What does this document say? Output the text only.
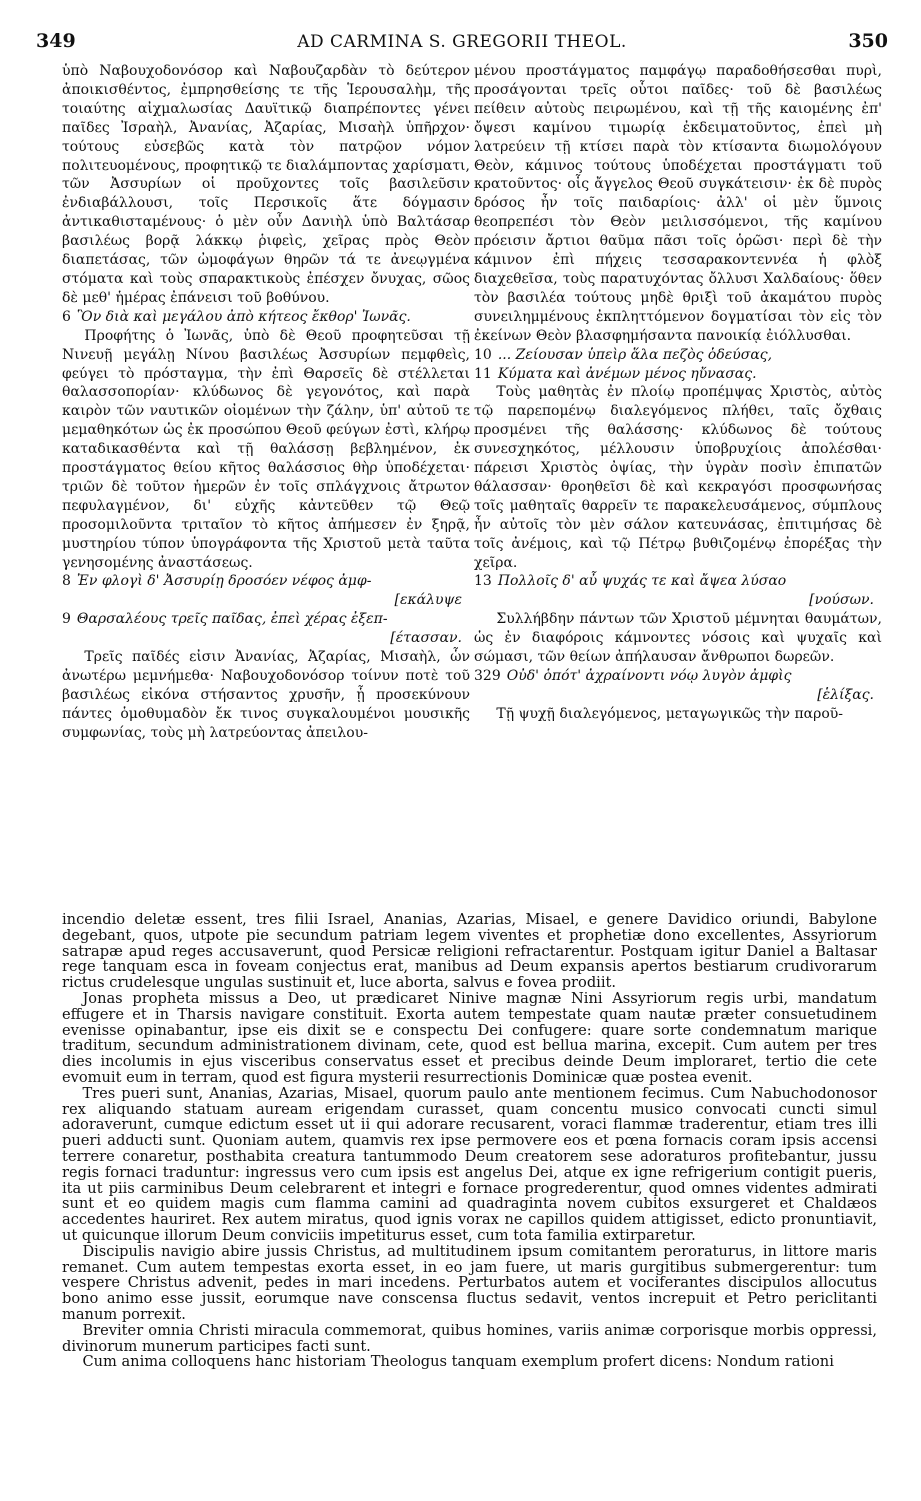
349	AD CARMINA S. GREGORII THEOL.	350

ὑπὸ Ναβουχοδονόσορ καὶ Ναβουζαρδὰν τὸ δεύτερον ἀποικισθέντος, ἐμπρησθείσης τε τῆς Ἱερουσαλὴμ, τῆς τοιαύτης αἰχμαλωσίας Δαυϊτικῷ διαπρέποντες γένει παῖδες Ἰσραὴλ, Ἀνανίας, Ἀζαρίας, Μισαὴλ ὑπῆρχον· τούτους εὐσεβῶς κατὰ τὸν πατρῷον νόμον πολιτευομένους, προφητικῷ τε διαλάμποντας χαρίσματι, τῶν Ἀσσυρίων οἱ προῦχοντες τοῖς βασιλεῦσιν ἐνδιαβάλλουσι, τοῖς Περσικοῖς ἅτε δόγμασιν ἀντικαθισταμένους· ὁ μὲν οὖν Δανιὴλ ὑπὸ Βαλτάσαρ βασιλέως βορᾷ λάκκῳ ῥιφεὶς, χεῖρας πρὸς Θεὸν διαπετάσας, τῶν ὠμοφάγων θηρῶν τά τε ἀνεῳγμένα στόματα καὶ τοὺς σπαρακτικοὺς ἐπέσχεν ὄνυχας, σῶος δὲ μεθ' ἡμέρας ἐπάνεισι τοῦ βοθύνου.

6 Ὃν διὰ καὶ μεγάλου ἀπὸ κήτεος ἔκθορ' Ἰωνᾶς.

Προφήτης ὁ Ἰωνᾶς, ὑπὸ δὲ Θεοῦ προφητεῦσαι τῇ Νινευῇ μεγάλῃ Νίνου βασιλέως Ἀσσυρίων πεμφθεὶς, φεύγει τὸ πρόσταγμα, τὴν ἐπὶ Θαρσεῖς δὲ στέλλεται θαλασσοπορίαν· κλύδωνος δὲ γεγονότος, καὶ παρὰ καιρὸν τῶν ναυτικῶν οἰομένων τὴν ζάλην, ὑπ' αὐτοῦ τε μεμαθηκότων ὡς ἐκ προσώπου Θεοῦ φεύγων ἐστὶ, κλήρῳ καταδικασθέντα καὶ τῇ θαλάσσῃ βεβλημένον, ἐκ προστάγματος θείου κῆτος θαλάσσιος θὴρ ὑποδέχεται· τριῶν δὲ τοῦτον ἡμερῶν ἐν τοῖς σπλάγχνοις ἄτρωτον πεφυλαγμένον, δι' εὐχῆς κἀντεῦθεν τῷ Θεῷ προσομιλοῦντα τριταῖον τὸ κῆτος ἀπήμεσεν ἐν ξηρᾷ, μυστηρίου τύπον ὑπογράφοντα τῆς Χριστοῦ μετὰ ταῦτα γενησομένης ἀναστάσεως.

8 Ἐν φλογὶ δ' Ἀσσυρίῃ δροσόεν νέφος ἀμφ-

[εκάλυψε

9 Θαρσαλέους τρεῖς παῖδας, ἐπεὶ χέρας ἐξεπ-

[έτασσαν.

Τρεῖς παῖδές εἰσιν Ἀνανίας, Ἀζαρίας, Μισαὴλ, ὧν ἀνωτέρω μεμνήμεθα· Ναβουχοδονόσορ τοίνυν ποτὲ τοῦ βασιλέως εἰκόνα στήσαντος χρυσῆν, ᾗ προσεκύνουν πάντες ὁμοθυμαδὸν ἔκ τινος συγκαλουμένοι μουσικῆς συμφωνίας, τοὺς μὴ λατρεύοντας ἀπειλου-

μένου προστάγματος παμφάγῳ παραδοθήσεσθαι πυρὶ, προσάγονται τρεῖς οὗτοι παῖδες· τοῦ δὲ βασιλέως πείθειν αὐτοὺς πειρωμένου, καὶ τῇ τῆς καιομένης ἐπ' ὄψεσι καμίνου τιμωρίᾳ ἐκδειματοῦντος, ἐπεὶ μὴ λατρεύειν τῇ κτίσει παρὰ τὸν κτίσαντα διωμολόγουν Θεὸν, κάμινος τούτους ὑποδέχεται προστάγματι τοῦ κρατοῦντος· οἷς ἄγγελος Θεοῦ συγκάτεισιν· ἐκ δὲ πυρὸς δρόσος ἦν τοῖς παιδαρίοις· ἀλλ' οἱ μὲν ὕμνοις θεοπρεπέσι τὸν Θεὸν μειλισσόμενοι, τῆς καμίνου πρόεισιν ἄρτιοι θαῦμα πᾶσι τοῖς ὁρῶσι· περὶ δὲ τὴν κάμινον ἐπὶ πήχεις τεσσαρακοντεννέα ἡ φλὸξ διαχεθεῖσα, τοὺς παρατυχόντας ὄλλυσι Χαλδαίους· ὅθεν τὸν βασιλέα τούτους μηδὲ θριξὶ τοῦ ἀκαμάτου πυρὸς συνειλημμένους ἐκπληττόμενον δογματίσαι τὸν εἰς τὸν ἐκείνων Θεὸν βλασφημήσαντα πανοικίᾳ ἐιόλλυσθαι.

10 ... Ζείουσαν ὑπεὶρ ἅλα πεζὸς ὁδεύσας,

11 Κύματα καὶ ἀνέμων μένος ηὔνασας.

Τοὺς μαθητὰς ἐν πλοίῳ προπέμψας Χριστὸς, αὐτὸς τῷ παρεπομένῳ διαλεγόμενος πλήθει, ταῖς ὄχθαις προσμένει τῆς θαλάσσης· κλύδωνος δὲ τούτους συνεσχηκότος, μέλλουσιν ὑποβρυχίοις ἀπολέσθαι· πάρεισι Χριστὸς ὀψίας, τὴν ὑγρὰν ποσὶν ἐπιπατῶν θάλασσαν· θροηθεῖσι δὲ καὶ κεκραγόσι προσφωνήσας τοῖς μαθηταῖς θαρρεῖν τε παρακελευσάμενος, σύμπλους ἦν αὐτοῖς τὸν μὲν σάλον κατευνάσας, ἐπιτιμήσας δὲ τοῖς ἀνέμοις, καὶ τῷ Πέτρῳ βυθιζομένῳ ἐπορέξας τὴν χεῖρα.

13 Πολλοῖς δ' αὖ ψυχάς τε καὶ ἄψεα λύσαο

[νούσων.

Συλλήβδην πάντων τῶν Χριστοῦ μέμνηται θαυμάτων, ὡς ἐν διαφόροις κάμνοντες νόσοις καὶ ψυχαῖς καὶ σώμασι, τῶν θείων ἀπήλαυσαν ἄνθρωποι δωρεῶν.

329 Οὐδ' ὁπότ' ἀχραίνοντι νόῳ λυγὸν ἀμφὶς

[ἑλίξας.

Τῇ ψυχῇ διαλεγόμενος, μεταγωγικῶς τὴν παροῦ-

incendio deletæ essent, tres filii Israel, Ananias, Azarias, Misael, e genere Davidico oriundi, Babylone degebant, quos, utpote pie secundum patriam legem viventes et prophetiæ dono excellentes, Assyriorum satrapæ apud reges accusaverunt, quod Persicæ religioni refractarentur. Postquam igitur Daniel a Baltasar rege tanquam esca in foveam conjectus erat, manibus ad Deum expansis apertos bestiarum crudivorarum rictus crudelesque ungulas sustinuit et, luce aborta, salvus e fovea prodiit.

Jonas propheta missus a Deo, ut prædicaret Ninive magnæ Nini Assyriorum regis urbi, mandatum effugere et in Tharsis navigare constituit. Exorta autem tempestate quam nautæ præter consuetudinem evenisse opinabantur, ipse eis dixit se e conspectu Dei confugere: quare sorte condemnatum marique traditum, secundum administrationem divinam, cete, quod est bellua marina, excepit. Cum autem per tres dies incolumis in ejus visceribus conservatus esset et precibus deinde Deum imploraret, tertio die cete evomuit eum in terram, quod est figura mysterii resurrectionis Dominicæ quæ postea evenit.

Tres pueri sunt, Ananias, Azarias, Misael, quorum paulo ante mentionem fecimus. Cum Nabuchodonosor rex aliquando statuam auream erigendam curasset, quam concentu musico convocati cuncti simul adoraverunt, cumque edictum esset ut ii qui adorare recusarent, voraci flammæ traderentur, etiam tres illi pueri adducti sunt. Quoniam autem, quamvis rex ipse permovere eos et pœna fornacis coram ipsis accensi terrere conaretur, posthabita creatura tantummodo Deum creatorem sese adoraturos profitebantur, jussu regis fornaci traduntur: ingressus vero cum ipsis est angelus Dei, atque ex igne refrigerium contigit pueris, ita ut piis carminibus Deum celebrarent et integri e fornace progrederentur, quod omnes videntes admirati sunt et eo quidem magis cum flamma camini ad quadraginta novem cubitos exsurgeret et Chaldæos accedentes hauriret. Rex autem miratus, quod ignis vorax ne capillos quidem attigisset, edicto pronuntiavit, ut quicunque illorum Deum conviciis impetiturus esset, cum tota familia extirparetur.

Discipulis navigio abire jussis Christus, ad multitudinem ipsum comitantem peroraturus, in littore maris remanet. Cum autem tempestas exorta esset, in eo jam fuere, ut maris gurgitibus submergerentur: tum vespere Christus advenit, pedes in mari incedens. Perturbatos autem et vociferantes discipulos allocutus bono animo esse jussit, eorumque nave conscensa fluctus sedavit, ventos increpuit et Petro periclitanti manum porrexit.

Breviter omnia Christi miracula commemorat, quibus homines, variis animæ corporisque morbis oppressi, divinorum munerum participes facti sunt.

Cum anima colloquens hanc historiam Theologus tanquam exemplum profert dicens: Nondum rationi
